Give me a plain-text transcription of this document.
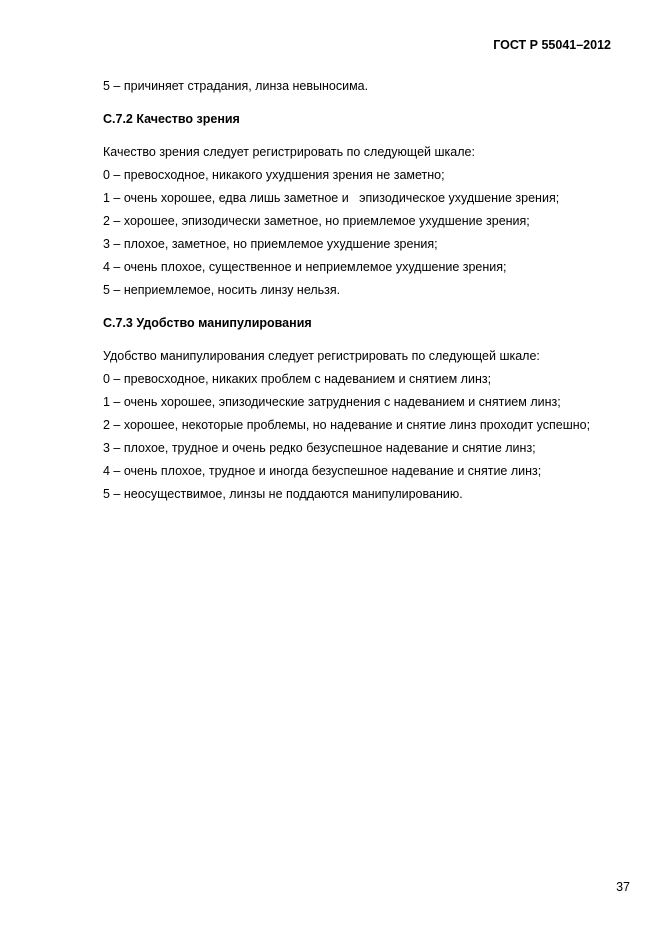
ГОСТ Р 55041–2012
5 – причиняет страдания, линза невыносима.
С.7.2 Качество зрения
Качество зрения следует регистрировать по следующей шкале:
0 – превосходное, никакого ухудшения зрения не заметно;
1 – очень хорошее, едва лишь заметное и   эпизодическое ухудшение зрения;
2 – хорошее, эпизодически заметное, но приемлемое ухудшение зрения;
3 – плохое, заметное, но приемлемое ухудшение зрения;
4 – очень плохое, существенное и неприемлемое ухудшение зрения;
5 – неприемлемое, носить линзу нельзя.
С.7.3 Удобство манипулирования
Удобство манипулирования следует регистрировать по следующей шкале:
0 – превосходное, никаких проблем с надеванием и снятием линз;
1 – очень хорошее, эпизодические затруднения с надеванием и снятием линз;
2 – хорошее, некоторые проблемы, но надевание и снятие линз проходит успешно;
3 – плохое, трудное и очень редко безуспешное надевание и снятие линз;
4 – очень плохое, трудное и иногда безуспешное надевание и снятие линз;
5 – неосуществимое, линзы не поддаются манипулированию.
37
